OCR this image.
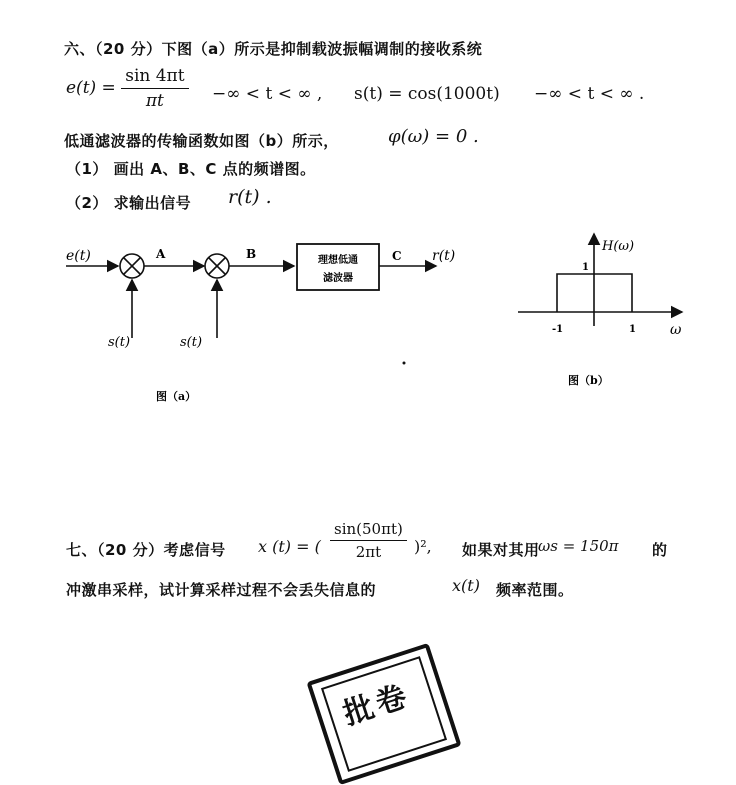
六、（20 分）下图（a）所示是抑制载波振幅调制的接收系统
$e(t) = \frac{\sin 4\pi t}{\pi t}$ −∞ < t < ∞ , s(t) = cos(1000t) −∞ < t < ∞ .
低通滤波器的传输函数如图（b）所示，	φ(ω) = 0 .
（1） 画出 A、B、C 点的频谱图。
（2） 求输出信号 r(t) .
e(t)	A	B	C
理想低通
滤波器
r(t)
s(t)	s(t)
图（a）
H(ω)
1
-1	1 ω
图（b）
七、（20 分）考虑信号 x (t) = ( $\frac{\sin(50\pi t)}{2\pi t} )^2$, 如果对其用
ωs = 150π 的
冲激串采样，试计算采样过程不会丢失信息的	x(t) 频率范围。
批卷
